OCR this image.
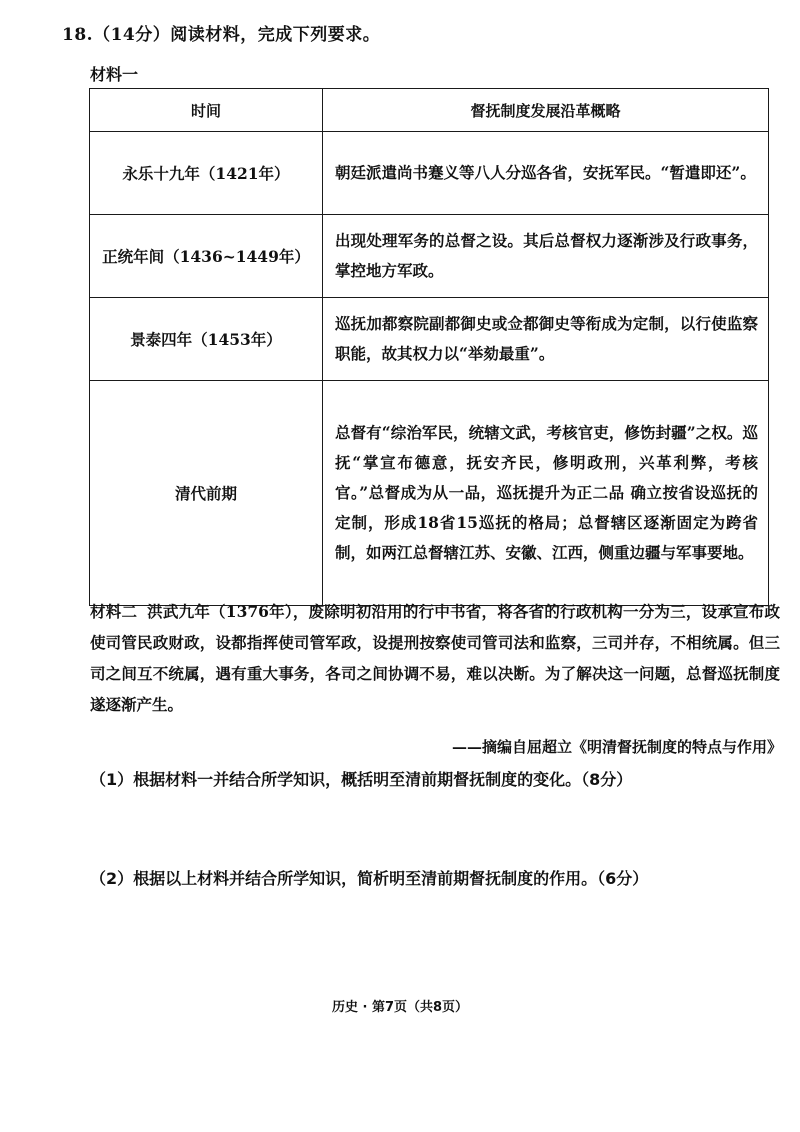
18.（14分）阅读材料，完成下列要求。
材料一
时间	督抚制度发展沿革概略
永乐十九年（1421年）	朝廷派遣尚书蹇义等八人分巡各省，安抚军民。“暂遣即还”。
正统年间（1436~1449年）	出现处理军务的总督之设。其后总督权力逐渐涉及行政事务，掌控地方军政。
景泰四年（1453年）	巡抚加都察院副都御史或佥都御史等衔成为定制，以行使监察职能，故其权力以“举劾最重”。
清代前期	总督有“综治军民，统辖文武，考核官吏，修饬封疆”之权。巡抚“掌宣布德意，抚安齐民，修明政刑，兴革利弊，考核官。”总督成为从一品，巡抚提升为正二品 确立按省设巡抚的定制，形成18省15巡抚的格局；总督辖区逐渐固定为跨省制，如两江总督辖江苏、安徽、江西，侧重边疆与军事要地。
材料二 洪武九年（1376年），废除明初沿用的行中书省，将各省的行政机构一分为三，设承宣布政使司管民政财政，设都指挥使司管军政，设提刑按察使司管司法和监察，三司并存，不相统属。但三司之间互不统属，遇有重大事务，各司之间协调不易，难以决断。为了解决这一问题，总督巡抚制度遂逐渐产生。
——摘编自屈超立《明清督抚制度的特点与作用》
（1）根据材料一并结合所学知识，概括明至清前期督抚制度的变化。（8分）
（2）根据以上材料并结合所学知识，简析明至清前期督抚制度的作用。（6分）
历史 · 第7页（共8页）
